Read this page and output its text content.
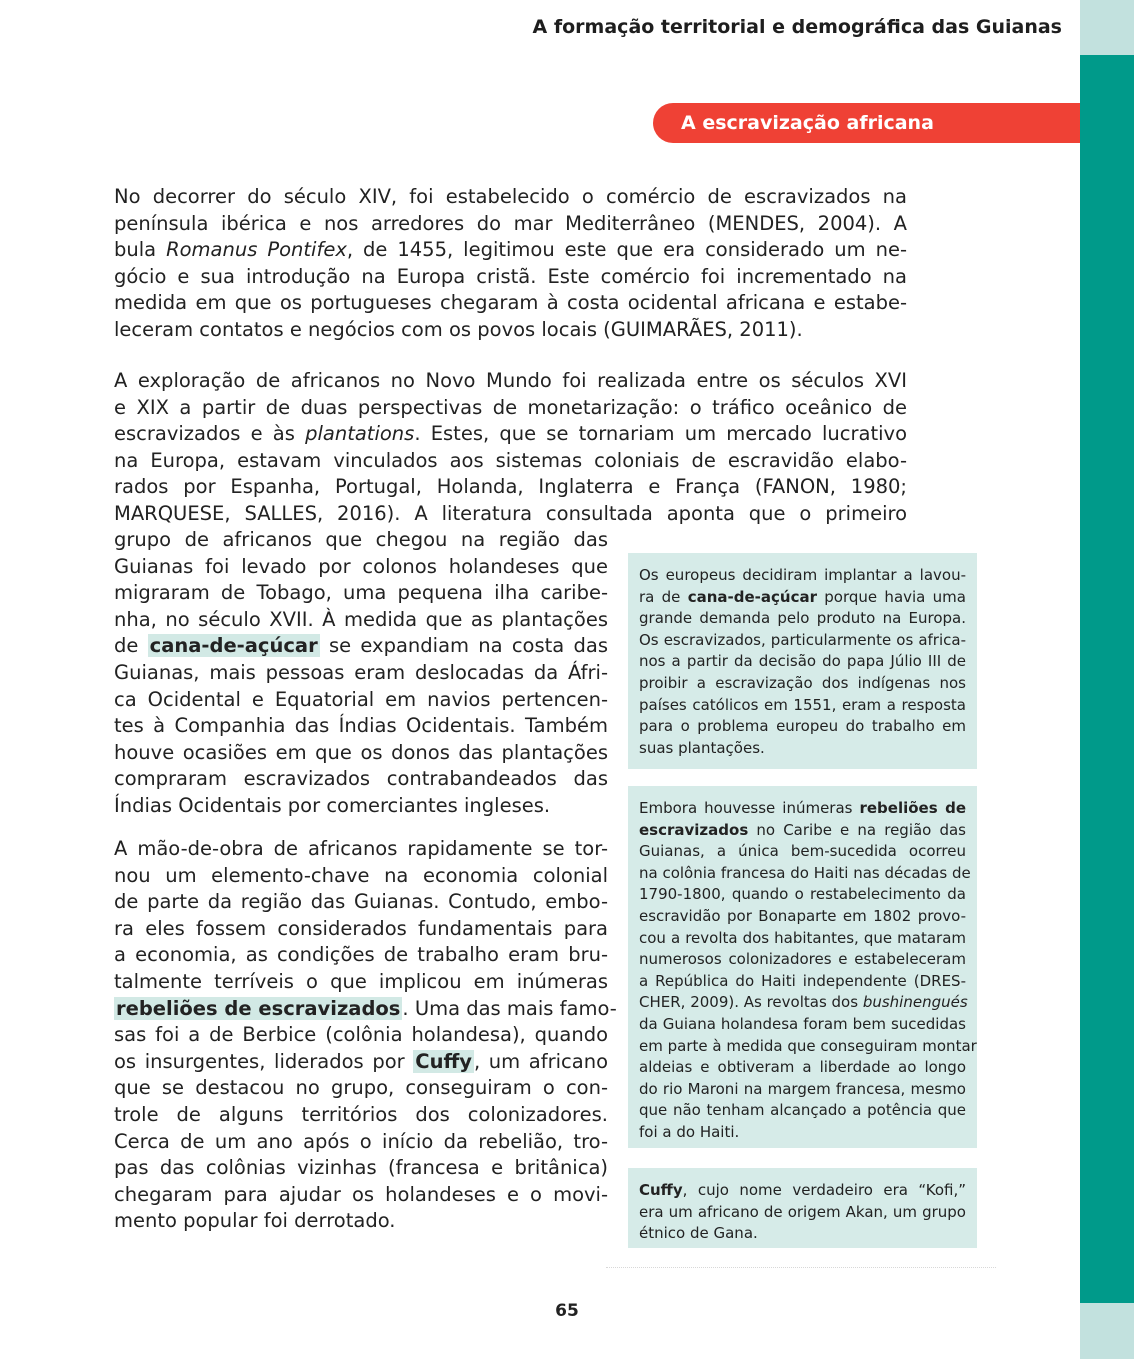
A formação territorial e demográfica das Guianas

A escravização africana

No decorrer do século XIV, foi estabelecido o comércio de escravizados na
península ibérica e nos arredores do mar Mediterrâneo (MENDES, 2004). A
bula Romanus Pontifex, de 1455, legitimou este que era considerado um ne-
gócio e sua introdução na Europa cristã. Este comércio foi incrementado na
medida em que os portugueses chegaram à costa ocidental africana e estabe-
leceram contatos e negócios com os povos locais (GUIMARÃES, 2011).

A exploração de africanos no Novo Mundo foi realizada entre os séculos XVI
e XIX a partir de duas perspectivas de monetarização: o tráfico oceânico de
escravizados e às plantations. Estes, que se tornariam um mercado lucrativo
na Europa, estavam vinculados aos sistemas coloniais de escravidão elabo-
rados por Espanha, Portugal, Holanda, Inglaterra e França (FANON, 1980;
MARQUESE, SALLES, 2016). A literatura consultada aponta que o primeiro

grupo de africanos que chegou na região das
Guianas foi levado por colonos holandeses que
migraram de Tobago, uma pequena ilha caribe-
nha, no século XVII. À medida que as plantações
de cana-de-açúcar se expandiam na costa das
Guianas, mais pessoas eram deslocadas da Áfri-
ca Ocidental e Equatorial em navios pertencen-
tes à Companhia das Índias Ocidentais. Também
houve ocasiões em que os donos das plantações
compraram escravizados contrabandeados das
Índias Ocidentais por comerciantes ingleses.

A mão-de-obra de africanos rapidamente se tor-
nou um elemento-chave na economia colonial
de parte da região das Guianas. Contudo, embo-
ra eles fossem considerados fundamentais para
a economia, as condições de trabalho eram bru-
talmente terríveis o que implicou em inúmeras
rebeliões de escravizados . Uma das mais famo-
sas foi a de Berbice (colônia holandesa), quando
os insurgentes, liderados por Cuffy , um africano
que se destacou no grupo, conseguiram o con-
trole de alguns territórios dos colonizadores.
Cerca de um ano após o início da rebelião, tro-
pas das colônias vizinhas (francesa e britânica)
chegaram para ajudar os holandeses e o movi-
mento popular foi derrotado.

Os europeus decidiram implantar a lavou-
ra de cana-de-açúcar porque havia uma
grande demanda pelo produto na Europa.
Os escravizados, particularmente os africa-
nos a partir da decisão do papa Júlio III de
proibir a escravização dos indígenas nos
países católicos em 1551, eram a resposta
para o problema europeu do trabalho em
suas plantações.

Embora houvesse inúmeras rebeliões de
escravizados no Caribe e na região das
Guianas, a única bem-sucedida ocorreu
na colônia francesa do Haiti nas décadas de
1790-1800, quando o restabelecimento da
escravidão por Bonaparte em 1802 provo-
cou a revolta dos habitantes, que mataram
numerosos colonizadores e estabeleceram
a República do Haiti independente (DRES-
CHER, 2009). As revoltas dos bushinengués
da Guiana holandesa foram bem sucedidas
em parte à medida que conseguiram montar
aldeias e obtiveram a liberdade ao longo
do rio Maroni na margem francesa, mesmo
que não tenham alcançado a potência que
foi a do Haiti.

Cuffy, cujo nome verdadeiro era “Kofi,”
era um africano de origem Akan, um grupo
étnico de Gana.

65
